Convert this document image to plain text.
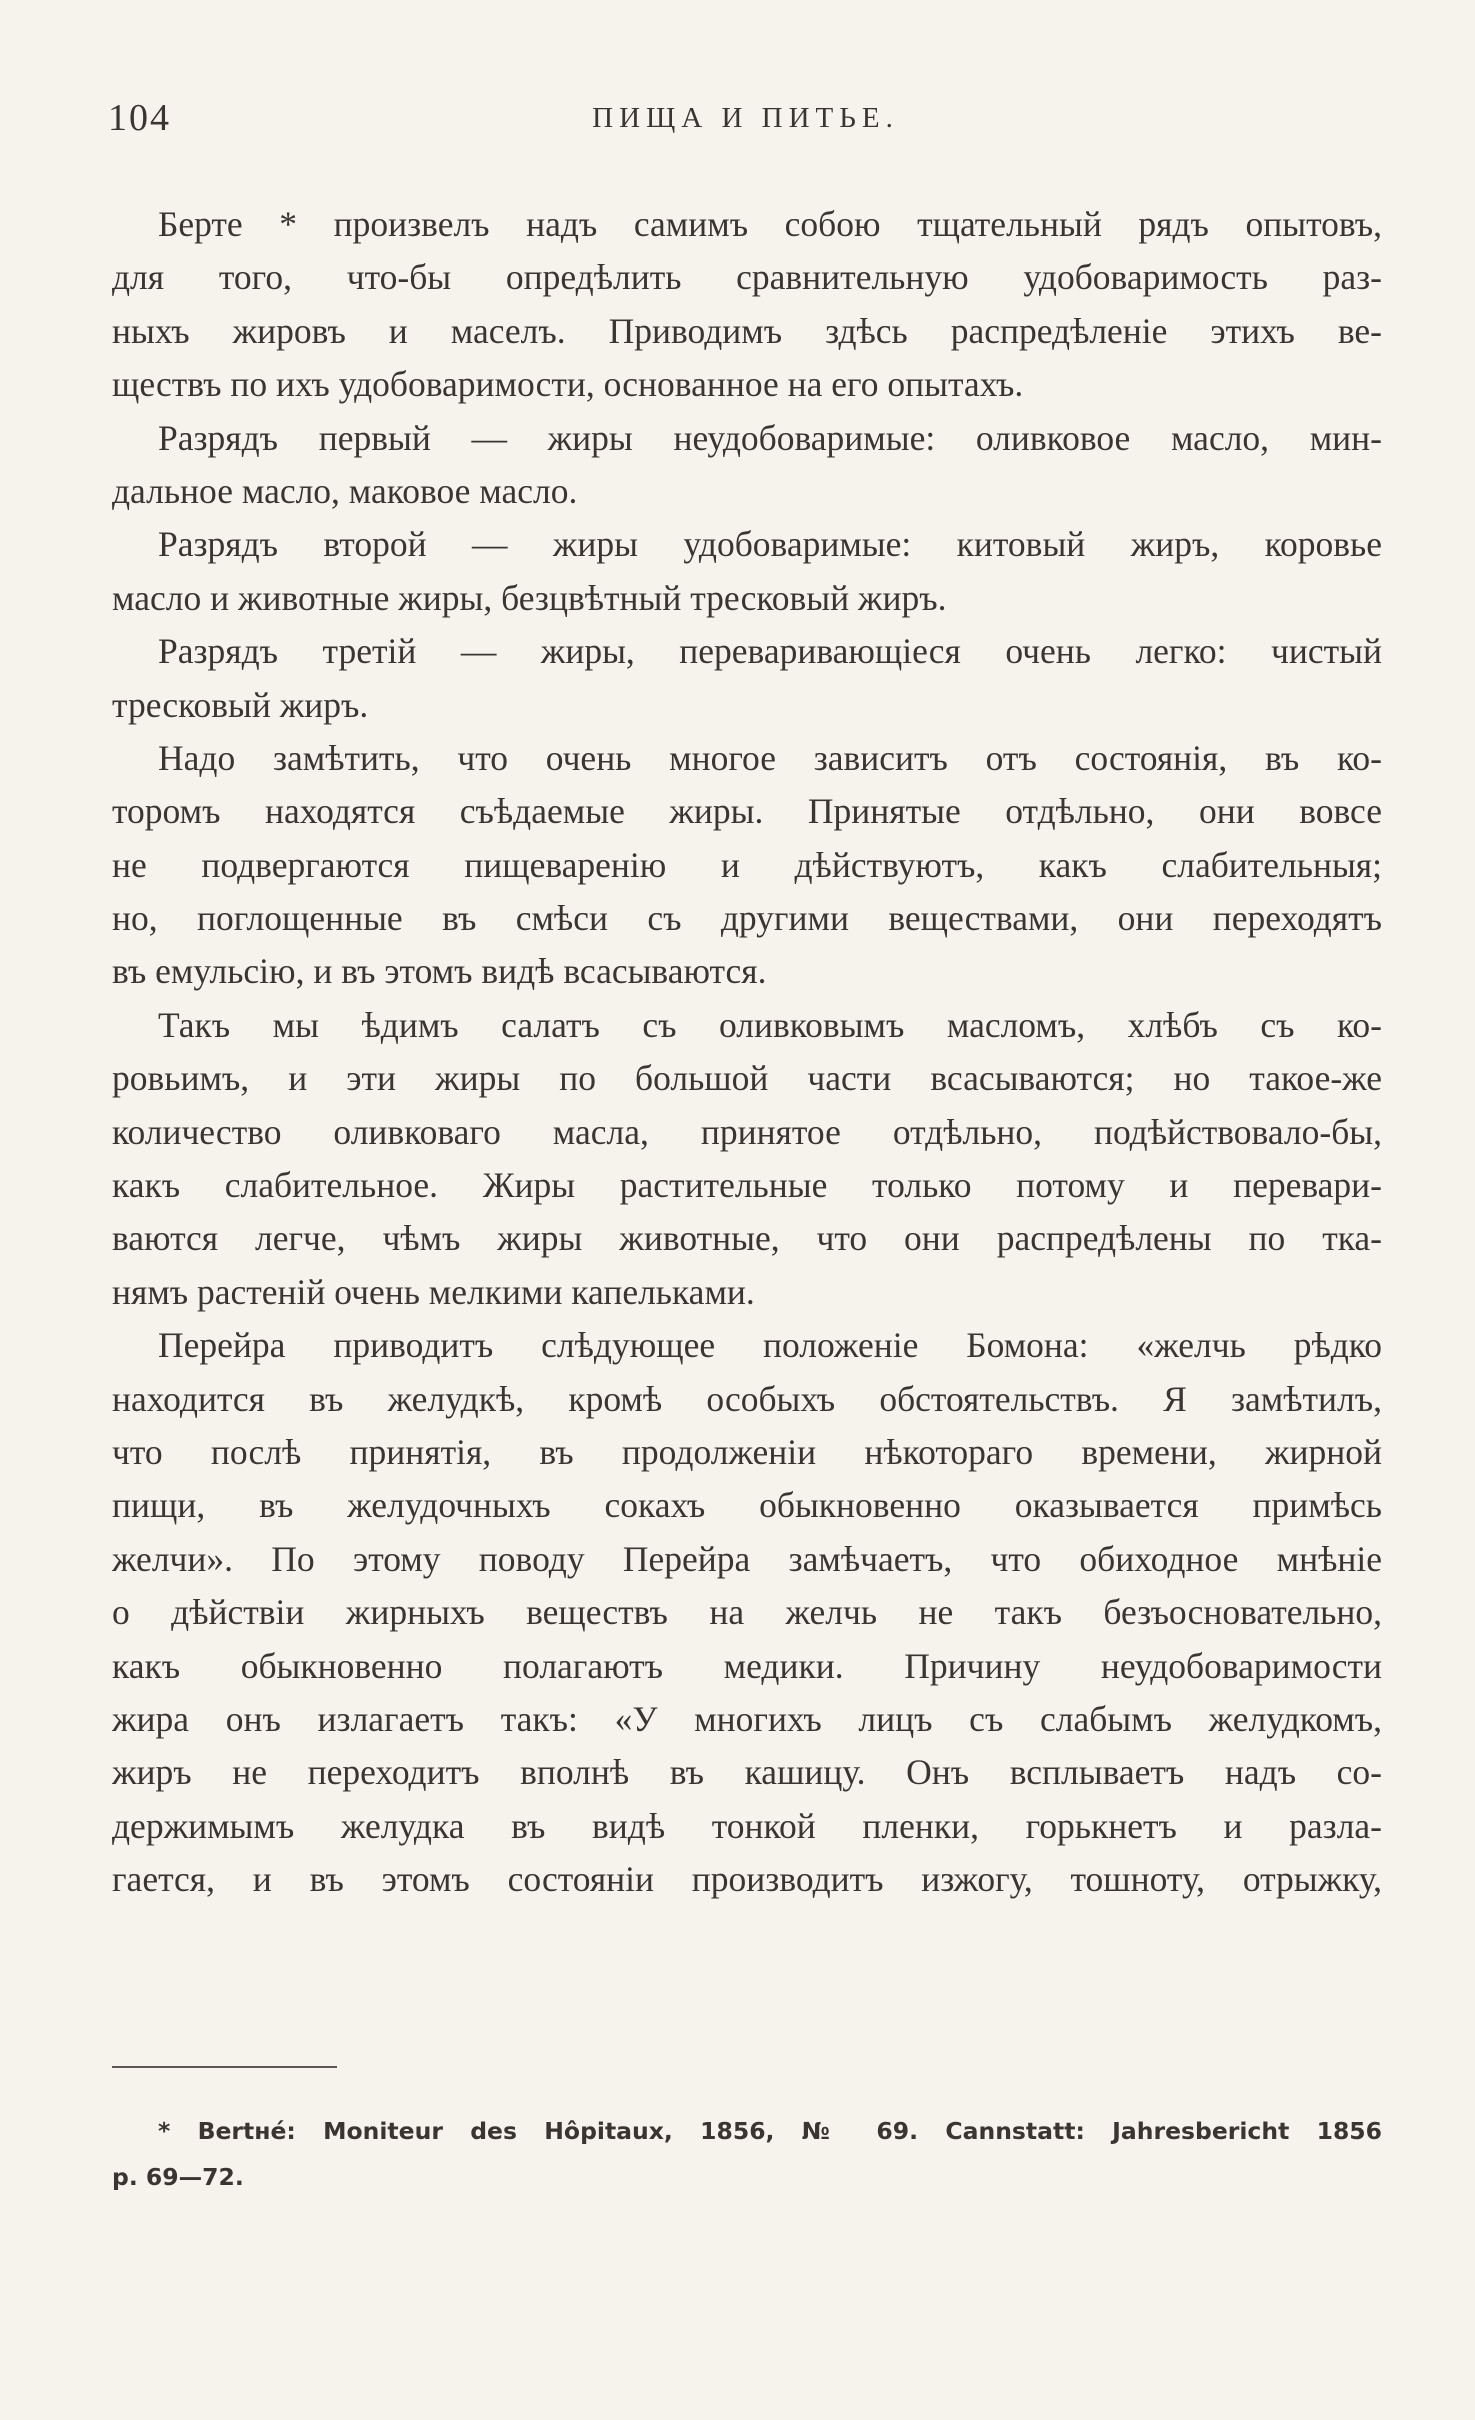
104	ПИЩА И ПИТЬЕ.
Берте * произвелъ надъ самимъ собою тщательный рядъ опытовъ,
для того, что-бы опредѣлить сравнительную удобоваримость раз-
ныхъ жировъ и маселъ. Приводимъ здѣсь распредѣленіе этихъ ве-
ществъ по ихъ удобоваримости, основанное на его опытахъ.
Разрядъ первый — жиры неудобоваримые: оливковое масло, мин-
дальное масло, маковое масло.
Разрядъ второй — жиры удобоваримые: китовый жиръ, коровье
масло и животные жиры, безцвѣтный тресковый жиръ.
Разрядъ третій — жиры, переваривающіеся очень легко: чистый
тресковый жиръ.
Надо замѣтить, что очень многое зависитъ отъ состоянія, въ ко-
торомъ находятся съѣдаемые жиры. Принятые отдѣльно, они вовсе
не подвергаются пищеваренію и дѣйствуютъ, какъ слабительныя;
но, поглощенные въ смѣси съ другими веществами, они переходятъ
въ емульсію, и въ этомъ видѣ всасываются.
Такъ мы ѣдимъ салатъ съ оливковымъ масломъ, хлѣбъ съ ко-
ровьимъ, и эти жиры по большой части всасываются; но такое-же
количество оливковаго масла, принятое отдѣльно, подѣйствовало-бы,
какъ слабительное. Жиры растительные только потому и перевари-
ваются легче, чѣмъ жиры животные, что они распредѣлены по тка-
нямъ растеній очень мелкими капельками.
Перейра приводитъ слѣдующее положеніе Бомона: «желчь рѣдко
находится въ желудкѣ, кромѣ особыхъ обстоятельствъ. Я замѣтилъ,
что послѣ принятія, въ продолженіи нѣкотораго времени, жирной
пищи, въ желудочныхъ сокахъ обыкновенно оказывается примѣсь
желчи». По этому поводу Перейра замѣчаетъ, что обиходное мнѣніе
о дѣйствіи жирныхъ веществъ на желчь не такъ безъосновательно,
какъ обыкновенно полагаютъ медики. Причину неудобоваримости
жира онъ излагаетъ такъ: «У многихъ лицъ съ слабымъ желудкомъ,
жиръ не переходитъ вполнѣ въ кашицу. Онъ всплываетъ надъ со-
держимымъ желудка въ видѣ тонкой пленки, горькнетъ и разла-
гается, и въ этомъ состояніи производитъ изжогу, тошноту, отрыжку,
* Bertнé: Moniteur des Hôpitaux, 1856, № 69. Cannstatt: Jahresbericht 1856
p. 69—72.
